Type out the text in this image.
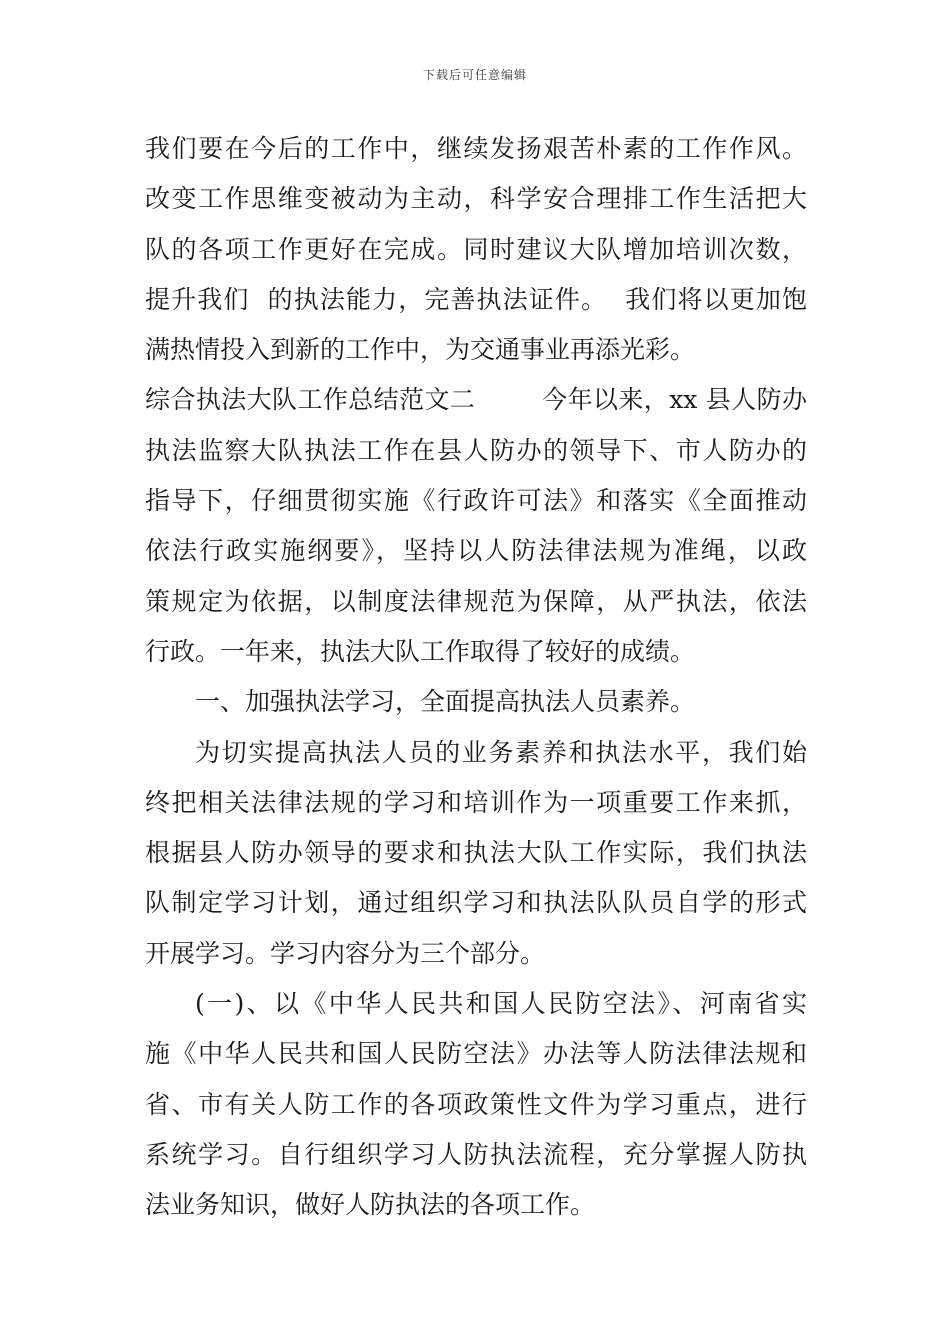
下载后可任意编辑
我们要在今后的工作中，继续发扬艰苦朴素的工作作风。
改变工作思维变被动为主动，科学安合理排工作生活把大
队的各项工作更好在完成。同时建议大队增加培训次数，
提升我们  的执法能力，完善执法证件。  我们将以更加饱
满热情投入到新的工作中，为交通事业再添光彩。
综合执法大队工作总结范文二        今年以来，xx 县人防办
执法监察大队执法工作在县人防办的领导下、市人防办的
指导下，仔细贯彻实施《行政许可法》和落实《全面推动
依法行政实施纲要》，坚持以人防法律法规为准绳，以政
策规定为依据，以制度法律规范为保障，从严执法，依法
行政。一年来，执法大队工作取得了较好的成绩。
一、加强执法学习，全面提高执法人员素养。
为切实提高执法人员的业务素养和执法水平，我们始
终把相关法律法规的学习和培训作为一项重要工作来抓，
根据县人防办领导的要求和执法大队工作实际，我们执法
队制定学习计划，通过组织学习和执法队队员自学的形式
开展学习。学习内容分为三个部分。
(一)、以《中华人民共和国人民防空法》、河南省实
施《中华人民共和国人民防空法》办法等人防法律法规和
省、市有关人防工作的各项政策性文件为学习重点，进行
系统学习。自行组织学习人防执法流程，充分掌握人防执
法业务知识，做好人防执法的各项工作。
